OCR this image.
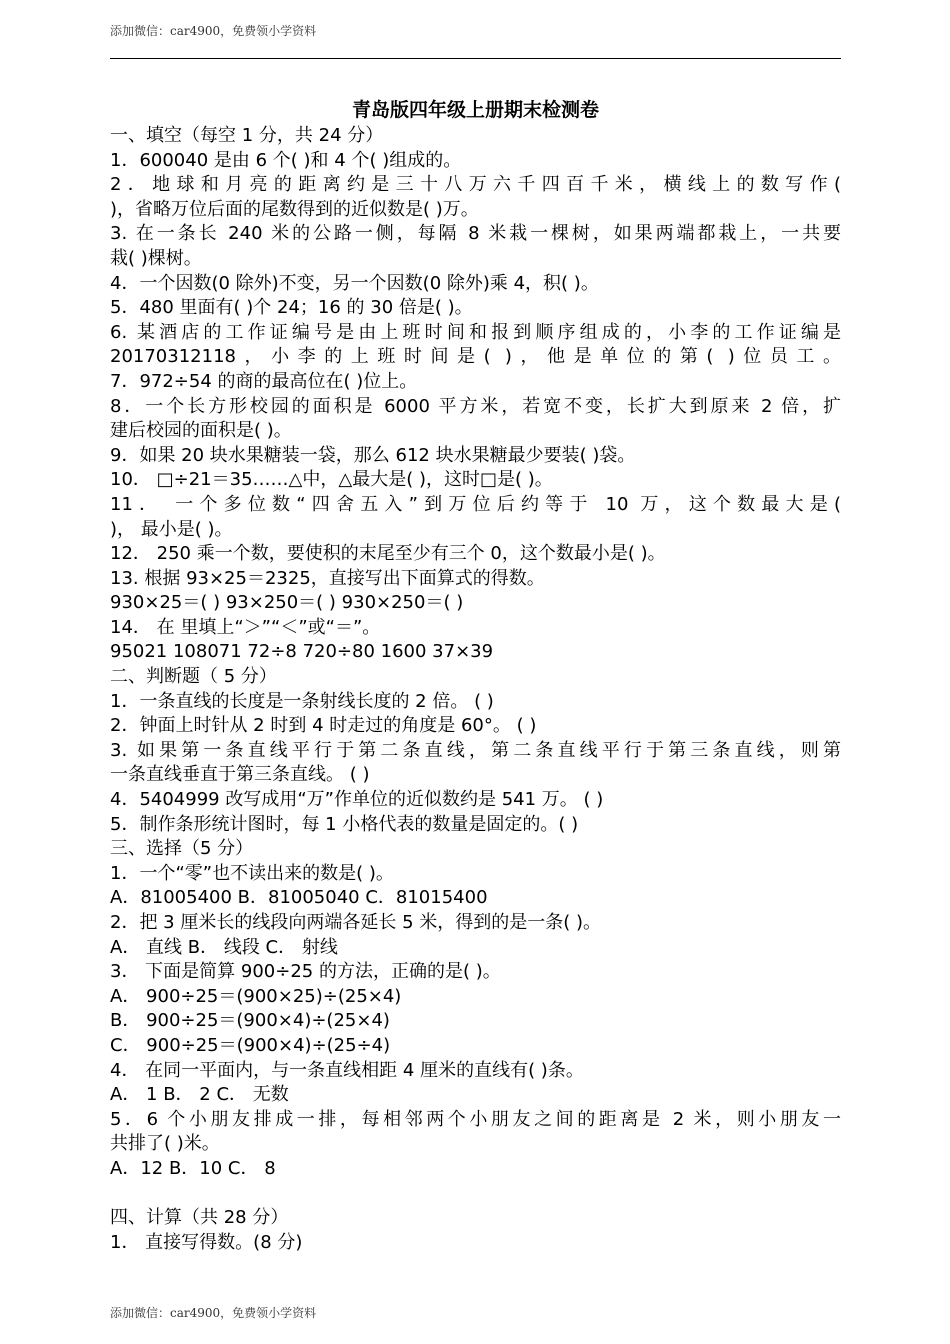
添加微信：car4900，免费领小学资料
青岛版四年级上册期末检测卷
一、填空（每空 1 分，共 24 分）
1．600040 是由 6 个( )和 4 个( )组成的。
2．地球和月亮的距离约是三十八万六千四百千米，横线上的数写作(
)，省略万位后面的尾数得到的近似数是( )万。
3. 在一条长 240 米的公路一侧，每隔 8 米栽一棵树，如果两端都栽上，一共要
栽( )棵树。
4．一个因数(0 除外)不变，另一个因数(0 除外)乘 4，积( )。
5．480 里面有( )个 24；16 的 30 倍是( )。
6. 某酒店的工作证编号是由上班时间和报到顺序组成的，小李的工作证编是
20170312118，小李的上班时间是( )，他是单位的第( )位员工。
7．972÷54 的商的最高位在( )位上。
8．一个长方形校园的面积是 6000 平方米，若宽不变，长扩大到原来 2 倍，扩
建后校园的面积是( )。
9．如果 20 块水果糖装一袋，那么 612 块水果糖最少要装( )袋。
10． □÷21＝35……△中，△最大是( )，这时□是( )。
11． 一个多位数“四舍五入”到万位后约等于 10 万，这个数最大是(
)， 最小是( )。
12． 250 乘一个数，要使积的末尾至少有三个 0，这个数最小是( )。
13. 根据 93×25＝2325，直接写出下面算式的得数。
930×25＝( ) 93×250＝( ) 930×250＝( )
14． 在 里填上“＞”“＜”或“＝”。
95021 108071 72÷8 720÷80 1600 37×39
二、判断题（ 5 分）
1．一条直线的长度是一条射线长度的 2 倍。 ( )
2．钟面上时针从 2 时到 4 时走过的角度是 60°。 ( )
3. 如果第一条直线平行于第二条直线，第二条直线平行于第三条直线，则第
一条直线垂直于第三条直线。 ( )
4．5404999 改写成用“万”作单位的近似数约是 541 万。 ( )
5．制作条形统计图时，每 1 小格代表的数量是固定的。( )
三、选择（5 分）
1．一个“零”也不读出来的数是( )。
A．81005400 B．81005040 C．81015400
2．把 3 厘米长的线段向两端各延长 5 米，得到的是一条( )。
A． 直线 B． 线段 C． 射线
3． 下面是简算 900÷25 的方法，正确的是( )。
A． 900÷25＝(900×25)÷(25×4)
B． 900÷25＝(900×4)÷(25×4)
C． 900÷25＝(900×4)÷(25÷4)
4． 在同一平面内，与一条直线相距 4 厘米的直线有( )条。
A． 1 B． 2 C． 无数
5．6 个小朋友排成一排，每相邻两个小朋友之间的距离是 2 米，则小朋友一
共排了( )米。
A．12 B．10 C． 8
四、计算（共 28 分）
1． 直接写得数。(8 分)
添加微信：car4900，免费领小学资料
